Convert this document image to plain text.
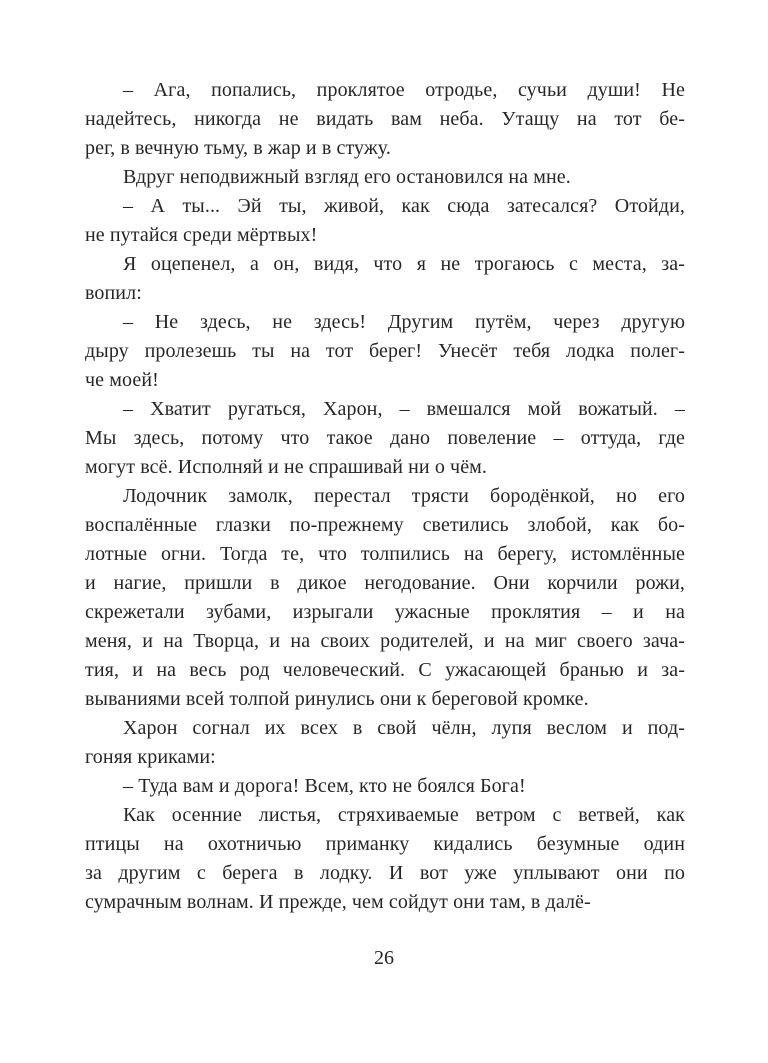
– Ага, попались, проклятое отродье, сучьи души! Не
надейтесь, никогда не видать вам неба. Утащу на тот бе-
рег, в вечную тьму, в жар и в стужу.
Вдруг неподвижный взгляд его остановился на мне.
– А ты... Эй ты, живой, как сюда затесался? Отойди,
не путайся среди мёртвых!
Я оцепенел, а он, видя, что я не трогаюсь с места, за-
вопил:
– Не здесь, не здесь! Другим путём, через другую
дыру пролезешь ты на тот берег! Унесёт тебя лодка полег-
че моей!
– Хватит ругаться, Харон, – вмешался мой вожатый. –
Мы здесь, потому что такое дано повеление – оттуда, где
могут всё. Исполняй и не спрашивай ни о чём.
Лодочник замолк, перестал трясти бородёнкой, но его
воспалённые глазки по-прежнему светились злобой, как бо-
лотные огни. Тогда те, что толпились на берегу, истомлённые
и нагие, пришли в дикое негодование. Они корчили рожи,
скрежетали зубами, изрыгали ужасные проклятия – и на
меня, и на Творца, и на своих родителей, и на миг своего зача-
тия, и на весь род человеческий. С ужасающей бранью и за-
вываниями всей толпой ринулись они к береговой кромке.
Харон согнал их всех в свой чёлн, лупя веслом и под-
гоняя криками:
– Туда вам и дорога! Всем, кто не боялся Бога!
Как осенние листья, стряхиваемые ветром с ветвей, как
птицы на охотничью приманку кидались безумные один
за другим с берега в лодку. И вот уже уплывают они по
сумрачным волнам. И прежде, чем сойдут они там, в далё-
26
